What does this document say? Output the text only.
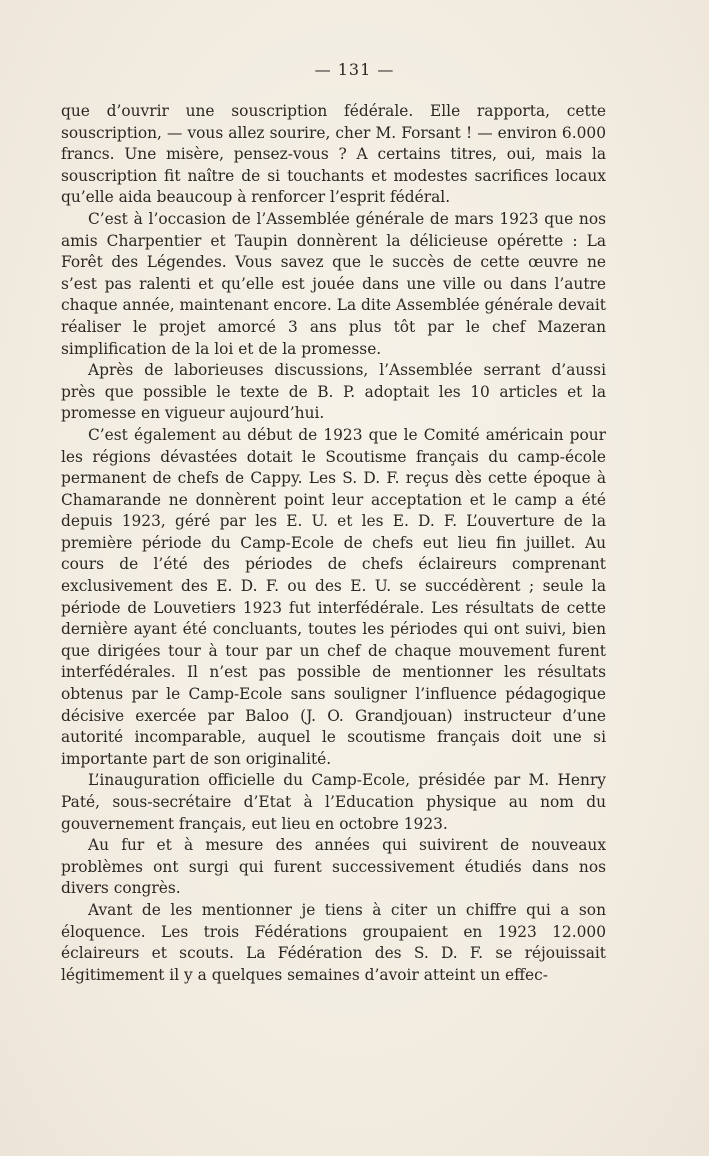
— 131 —

que d’ouvrir une souscription fédérale. Elle rapporta, cette souscription, — vous allez sourire, cher M. Forsant ! — environ 6.000 francs. Une misère, pensez-vous ? A certains titres, oui, mais la souscription fit naître de si touchants et modestes sacrifices locaux qu’elle aida beaucoup à renforcer l’esprit fédéral.

C’est à l’occasion de l’Assemblée générale de mars 1923 que nos amis Charpentier et Taupin donnèrent la délicieuse opérette : La Forêt des Légendes. Vous savez que le succès de cette œuvre ne s’est pas ralenti et qu’elle est jouée dans une ville ou dans l’autre chaque année, maintenant encore. La dite Assemblée générale devait réaliser le projet amorcé 3 ans plus tôt par le chef Mazeran simplification de la loi et de la promesse.

Après de laborieuses discussions, l’Assemblée serrant d’aussi près que possible le texte de B. P. adoptait les 10 articles et la promesse en vigueur aujourd’hui.

C’est également au début de 1923 que le Comité américain pour les régions dévastées dotait le Scoutisme français du camp-école permanent de chefs de Cappy. Les S. D. F. reçus dès cette époque à Chamarande ne donnèrent point leur acceptation et le camp a été depuis 1923, géré par les E. U. et les E. D. F. L’ouverture de la première période du Camp-Ecole de chefs eut lieu fin juillet. Au cours de l’été des périodes de chefs éclaireurs comprenant exclusivement des E. D. F. ou des E. U. se succédèrent ; seule la période de Louvetiers 1923 fut interfédérale. Les résultats de cette dernière ayant été concluants, toutes les périodes qui ont suivi, bien que dirigées tour à tour par un chef de chaque mouvement furent interfédérales. Il n’est pas possible de mentionner les résultats obtenus par le Camp-Ecole sans souligner l’influence pédagogique décisive exercée par Baloo (J. O. Grandjouan) instructeur d’une autorité incomparable, auquel le scoutisme français doit une si importante part de son originalité.

L’inauguration officielle du Camp-Ecole, présidée par M. Henry Paté, sous-secrétaire d’Etat à l’Education physique au nom du gouvernement français, eut lieu en octobre 1923.

Au fur et à mesure des années qui suivirent de nouveaux problèmes ont surgi qui furent successivement étudiés dans nos divers congrès.

Avant de les mentionner je tiens à citer un chiffre qui a son éloquence. Les trois Fédérations groupaient en 1923 12.000 éclaireurs et scouts. La Fédération des S. D. F. se réjouissait légitimement il y a quelques semaines d’avoir atteint un effec-
